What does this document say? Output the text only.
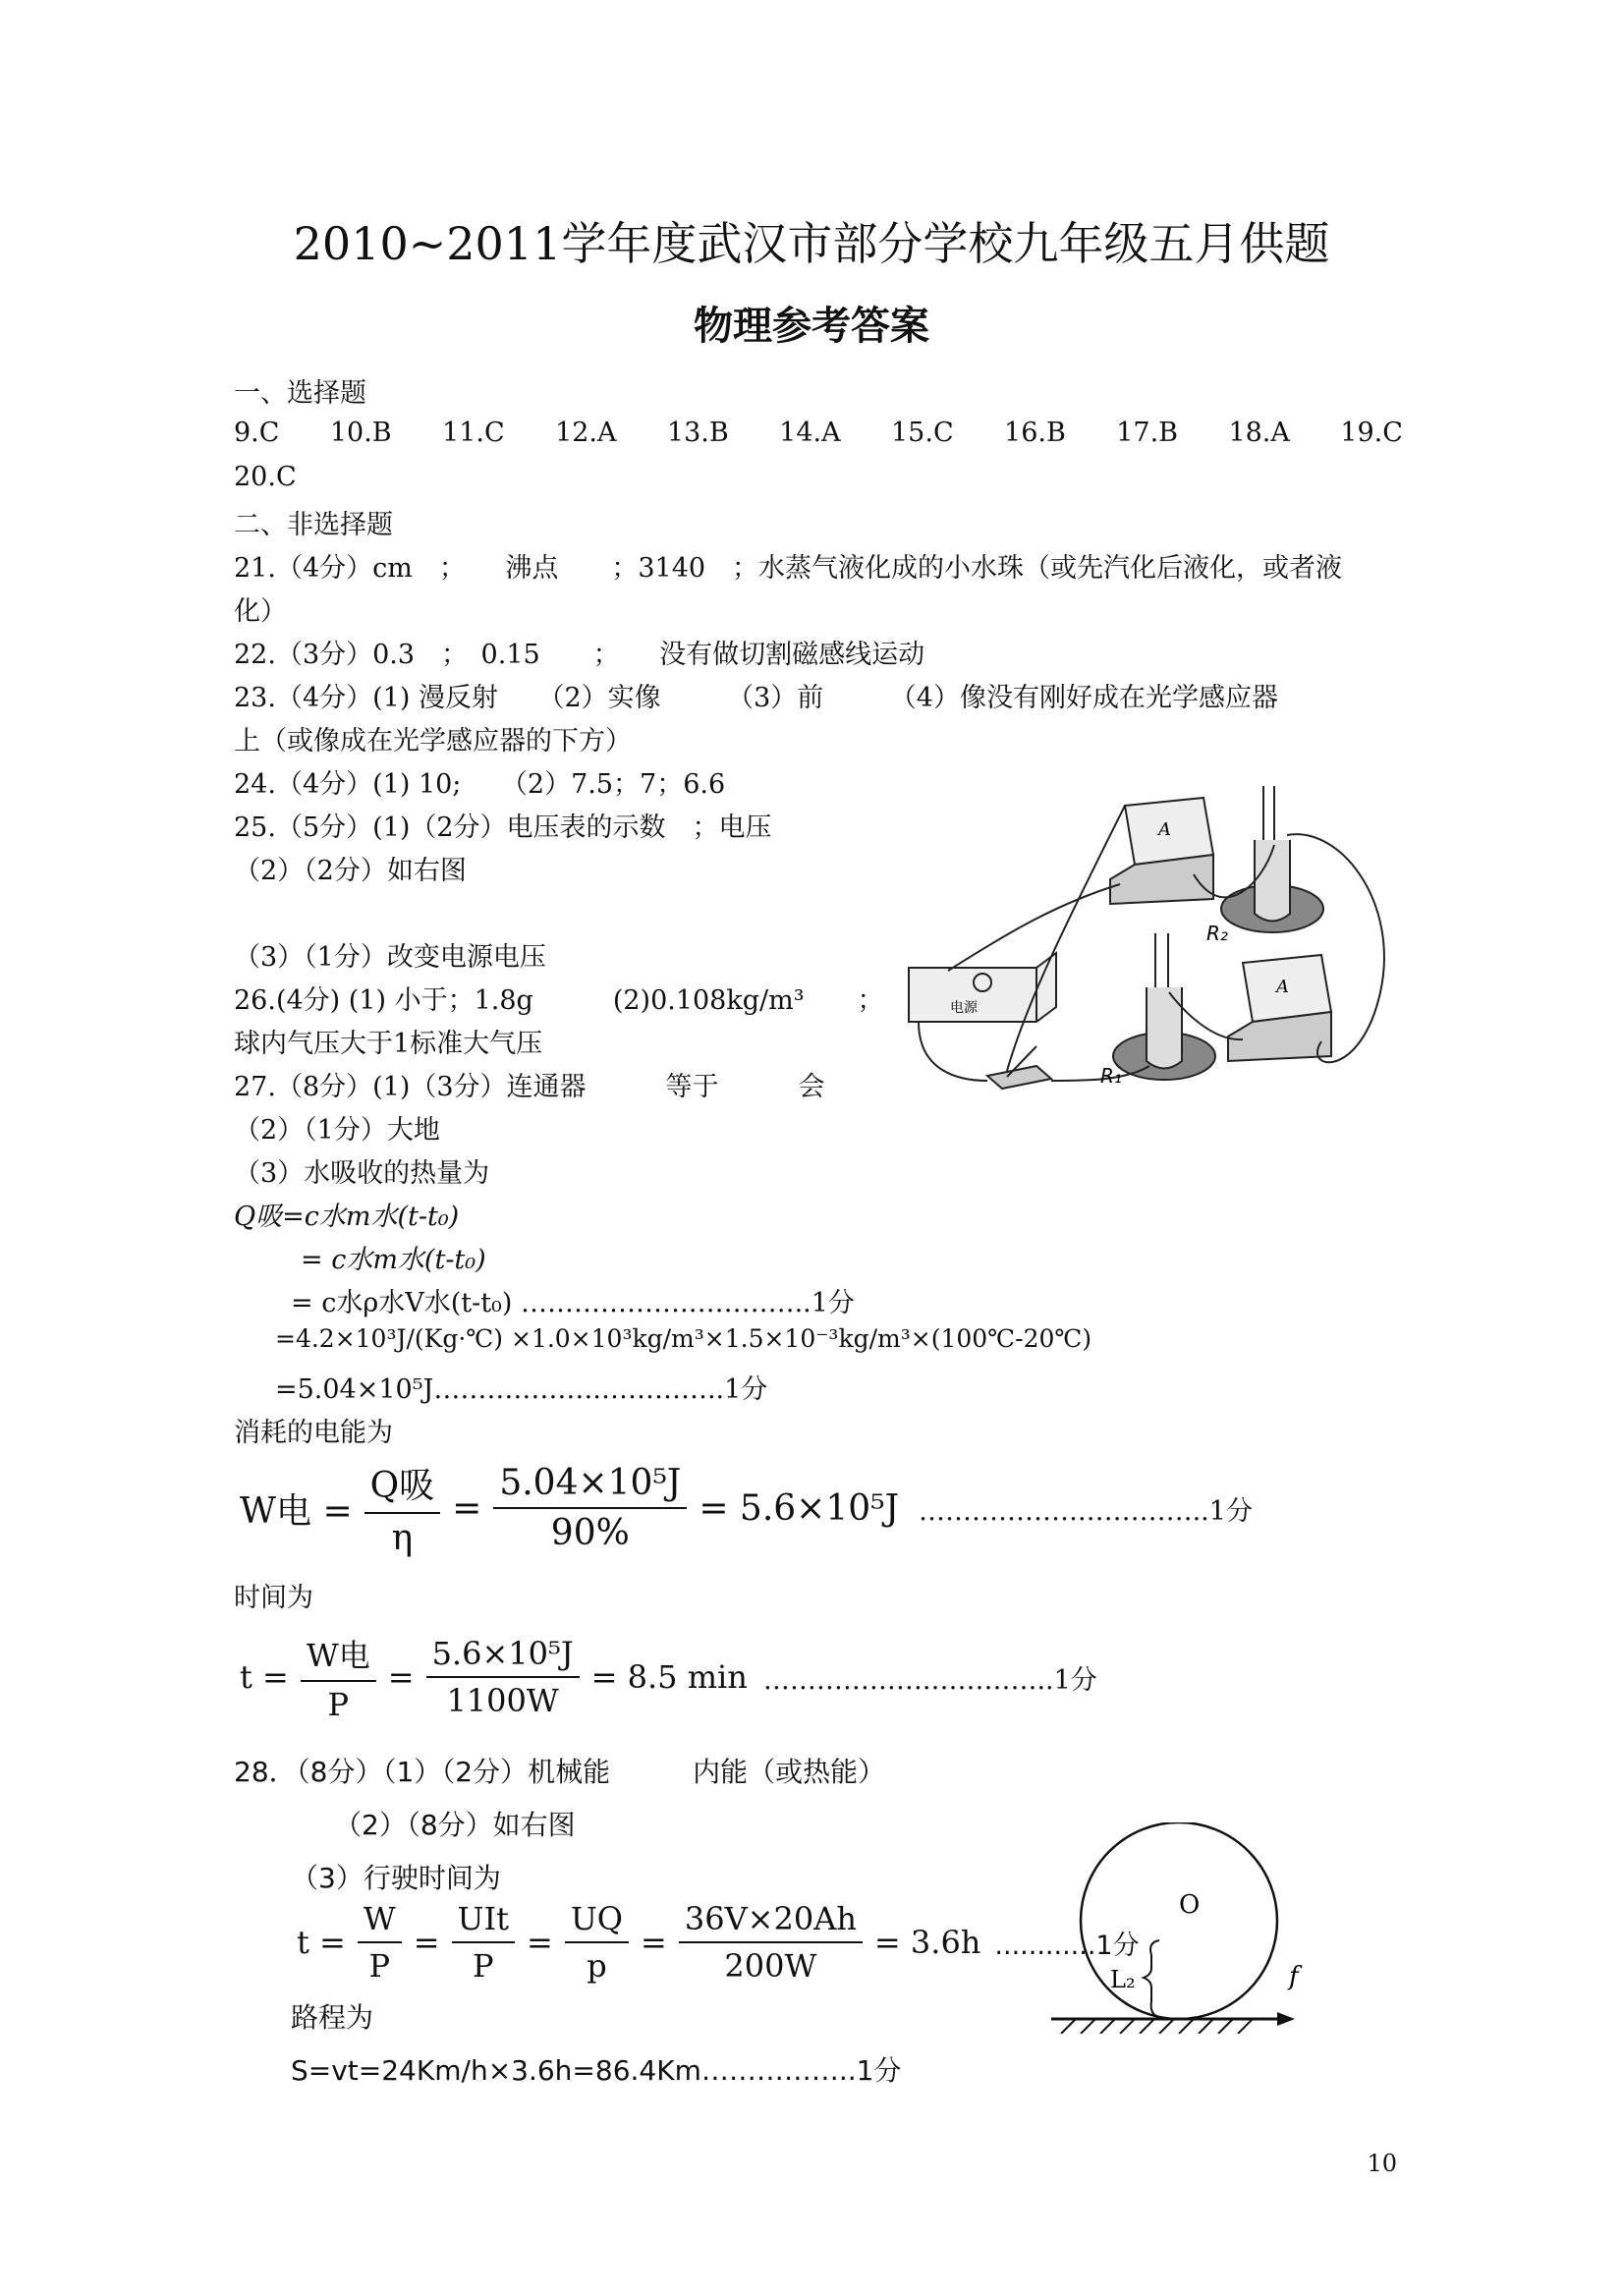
2010~2011学年度武汉市部分学校九年级五月供题
物理参考答案
一、选择题
9.C 10.B 11.C 12.A 13.B 14.A 15.C 16.B 17.B 18.A 19.C
20.C
二、非选择题
21.（4分）cm　；　　沸点　　；3140　；水蒸气液化成的小水珠（或先汽化后液化，或者液
化）
22.（3分）0.3　；　0.15　　；　　没有做切割磁感线运动
23.（4分）(1) 漫反射　　（2）实像　　　（3）前　　　（4）像没有刚好成在光学感应器
上（或像成在光学感应器的下方）
24.（4分）(1) 10;　　（2）7.5；7；6.6
25.（5分）(1)（2分）电压表的示数　；电压
（2）（2分）如右图
（3）（1分）改变电源电压
26.(4分) (1) 小于；1.8g　　　(2)0.108kg/m³　　；
球内气压大于1标准大气压
27.（8分）(1)（3分）连通器　　　等于　　　会
（2）（1分）大地
（3）水吸收的热量为
Q吸=c水m水(t-t₀)
= c水m水(t-t₀)
= c水ρ水V水(t-t₀) ……………….…………..1分
=4.2×10³J/(Kg·℃) ×1.0×10³kg/m³×1.5×10⁻³kg/m³×(100℃-20℃)
=5.04×10⁵J……………….…………..1分
消耗的电能为
W电 = $\frac{\text{Q吸}}{\eta} = \frac{\text{5.04×10⁵J}}{90\%} = 5.6\times 10^5J$ ……………….…………..1分
时间为
$t = \frac{\text{W电}}{P} = \frac{\text{5.6×10⁵J}}{1100W} = 8.5$ min ……………….…………..1分
28．（8分）（1）（2分）机械能　　　内能（或热能）
（2）（8分）如右图
（3）行驶时间为
$t = \frac{W}{P} = \frac{\text{UIt}}{P} = \frac{UQ}{p} = \frac{36V\times 20Ah}{200W} = 3.6h$ ............1分
路程为
S=vt=24Km/h×3.6h=86.4Km……………..1分
A
A
R₂
R₁
电源
O
L₂	f
10
